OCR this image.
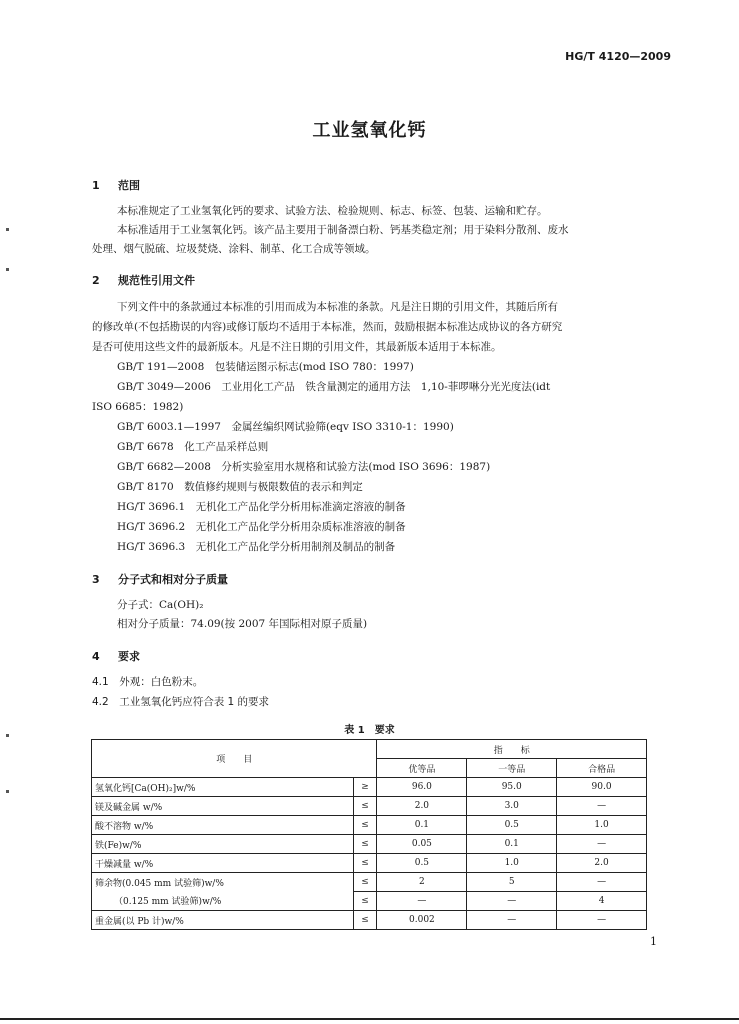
HG/T 4120—2009
工业氢氧化钙
1 范围
本标准规定了工业氢氧化钙的要求、试验方法、检验规则、标志、标签、包装、运输和贮存。
本标准适用于工业氢氧化钙。该产品主要用于制备漂白粉、钙基类稳定剂；用于染料分散剂、废水
处理、烟气脱硫、垃圾焚烧、涂料、制革、化工合成等领域。
2 规范性引用文件
下列文件中的条款通过本标准的引用而成为本标准的条款。凡是注日期的引用文件，其随后所有
的修改单(不包括勘误的内容)或修订版均不适用于本标准，然而，鼓励根据本标准达成协议的各方研究
是否可使用这些文件的最新版本。凡是不注日期的引用文件，其最新版本适用于本标准。
GB/T 191—2008　包装储运图示标志(mod ISO 780：1997)
GB/T 3049—2006　工业用化工产品　铁含量测定的通用方法　1,10-菲啰啉分光光度法(idt
ISO 6685：1982)
GB/T 6003.1—1997　金属丝编织网试验筛(eqv ISO 3310-1：1990)
GB/T 6678　化工产品采样总则
GB/T 6682—2008　分析实验室用水规格和试验方法(mod ISO 3696：1987)
GB/T 8170　数值修约规则与极限数值的表示和判定
HG/T 3696.1　无机化工产品化学分析用标准滴定溶液的制备
HG/T 3696.2　无机化工产品化学分析用杂质标准溶液的制备
HG/T 3696.3　无机化工产品化学分析用制剂及制品的制备
3 分子式和相对分子质量
分子式：Ca(OH)₂
相对分子质量：74.09(按 2007 年国际相对原子质量)
4 要求
4.1　外观：白色粉末。
4.2　工业氢氧化钙应符合表 1 的要求
表 1　要求
项　　目		指　　标		
		优等品	一等品	合格品
氢氧化钙[Ca(OH)₂]w/%	≥	96.0	95.0	90.0
镁及碱金属 w/%	≤	2.0	3.0	—
酸不溶物 w/%	≤	0.1	0.5	1.0
铁(Fe)w/%	≤	0.05	0.1	—
干燥减量 w/%	≤	0.5	1.0	2.0
筛余物(0.045 mm 试验筛)w/%	≤	2	5	—
（0.125 mm 试验筛)w/%	≤	—	—	4
重金属(以 Pb 计)w/%	≤	0.002	—	—
1
